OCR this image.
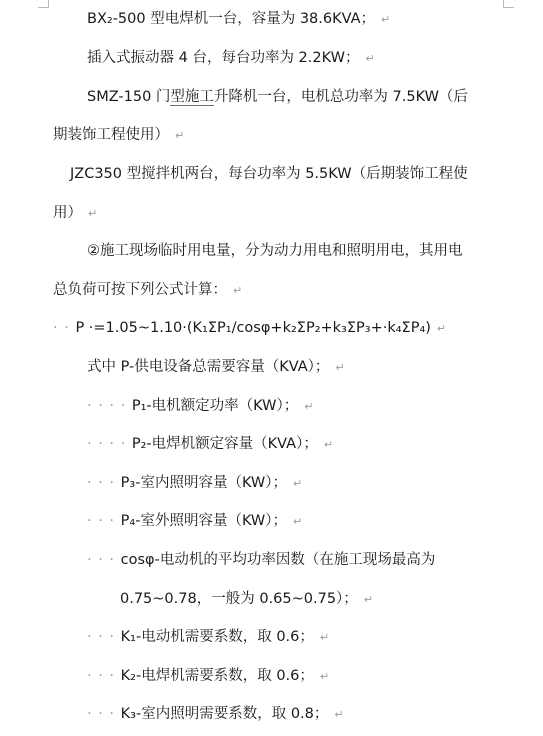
BX₂-500 型电焊机一台，容量为 38.6KVA； ↵
插入式振动器 4 台，每台功率为 2.2KW； ↵
SMZ-150 门型施工升降机一台，电机总功率为 7.5KW（后
期装饰工程使用） ↵
JZC350 型搅拌机两台，每台功率为 5.5KW（后期装饰工程使
用） ↵
②施工现场临时用电量，分为动力用电和照明用电，其用电
总负荷可按下列公式计算： ↵
· · P ·=1.05~1.10·(K₁ΣP₁/cosφ+k₂ΣP₂+k₃ΣP₃+·k₄ΣP₄) ↵
式中 P-供电设备总需要容量（KVA）； ↵
· · · · P₁-电机额定功率（KW）； ↵
· · · · P₂-电焊机额定容量（KVA）； ↵
· · · P₃-室内照明容量（KW）； ↵
· · · P₄-室外照明容量（KW）； ↵
· · · cosφ-电动机的平均功率因数（在施工现场最高为
0.75~0.78，一般为 0.65~0.75）； ↵
· · · K₁-电动机需要系数，取 0.6； ↵
· · · K₂-电焊机需要系数，取 0.6； ↵
· · · K₃-室内照明需要系数，取 0.8； ↵
